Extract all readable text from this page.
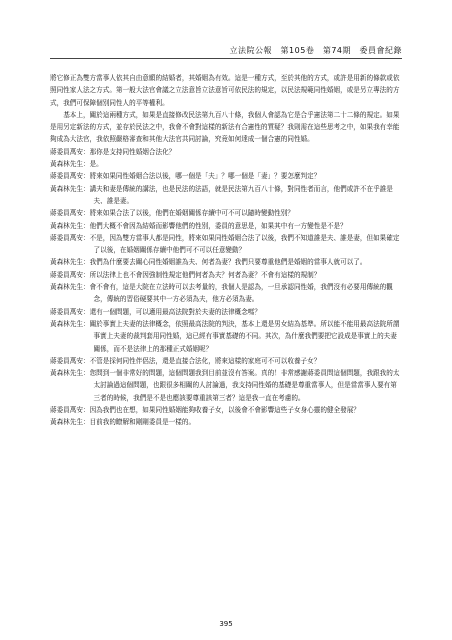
立法院公報　第105卷　第74期　委員會紀錄

將它修正為雙方當事人依其自由意願的結婚者，其婚姻為有效。這是一種方式，至於其他的方式，或許是用新的條款或依照同性家人法之方式。第一般大法官會議之立法意旨立法意旨可依民法的規定，以民法規範同性婚姻，或是另立專法的方式，我們可保障個別同性人的平等權利。

基本上，關於這兩種方式，如果是直接修改民法第九百八十條，我個人會認為它是合乎憲法第二十二條的規定。如果是用另定新法的方式，並存於民法之中，我會不會對這樣的新法有合憲性的質疑？我則需在這些思考之中，如果我有幸能夠成為大法官，我依照嚴格審查和其他大法官共同討論，究竟如何達成一個合憲的同性婚。

蔣委員萬安：那你是支持同性婚姻合法化？

黃森林先生：是。

蔣委員萬安：將來如果同性婚姻合法以後，哪一個是「夫」？哪一個是「妻」？要怎麼判定？

黃森林先生：講夫和妻是傳統的講法，也是民法的法語，就是民法第九百八十條，對同性者而言，他們或許不在乎誰是夫、誰是妻。

蔣委員萬安：將來如果合法了以後，他們在婚姻關係存續中可不可以隨時變動性別？

黃森林先生：他們大概不會因為結婚而影響他們的性別，委員的意思是，如果其中有一方變性是不是？

蔣委員萬安：不是，因為雙方當事人都是同性，將來如果同性婚姻合法了以後，我們不知道誰是夫、誰是妻，但如果確定了以後，在婚姻關係存續中他們可不可以任意變動？

黃森林先生：我們為什麼要去關心同性婚姻誰為夫、何者為妻？我們只要尊重他們是婚姻的當事人就可以了。

蔣委員萬安：所以法律上也不會因強制性規定他們何者為夫？何者為妻？不會有這樣的規制？

黃森林先生：會不會有，這是大院在立法時可以去考量的，我個人是認為，一旦承認同性婚，我們沒有必要用傳統的觀念，傳統的習俗硬要其中一方必須為夫，他方必須為妻。

蔣委員萬安：還有一個問題，可以適用最高法院對於夫妻的法律概念嗎？

黃森林先生：關於事實上夫妻的法律概念，依照最高法院的判決，基本上還是男女結為基準。所以能不能用最高法院所謂事實上夫妻的裁判套用同性婚，這已經有事實基礎的不同。其次，為什麼我們要把它設成是事實上的夫妻關係，而不是法律上的那種正式婚姻呢？

蔣委員萬安：不管是採何同性伴侶法，還是直接合法化，將來這樣的家庭可不可以收養子女？

黃森林先生：您問到一個非常好的問題，這個問題我到目前並沒有答案。真的！非常感謝蔣委員問這個問題，我跟我的太太討論過這個問題，也跟很多相關的人討論過，我支持同性婚的基礎是尊重當事人，但是當當事人要有第三者的時候，我們是不是也應該要尊重該第三者？這是我一直在考慮的。

蔣委員萬安：因為我們也在想，如果同性婚姻能夠收養子女，以後會不會影響這些子女身心靈的健全發展？

黃森林先生：目前我的瞭解和剛剛委員是一樣的。

395
